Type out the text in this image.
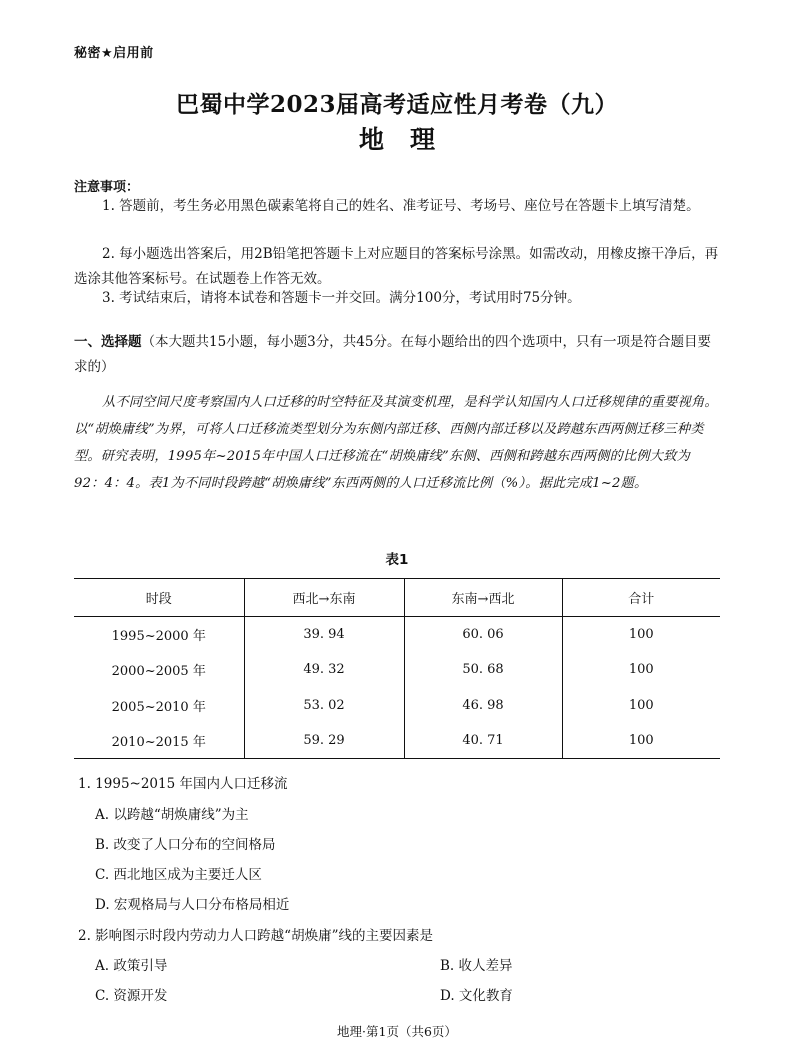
秘密★启用前
巴蜀中学2023届高考适应性月考卷（九）
地理
注意事项：
1. 答题前，考生务必用黑色碳素笔将自己的姓名、准考证号、考场号、座位号在答题卡上填写清楚。
2. 每小题选出答案后，用2B铅笔把答题卡上对应题目的答案标号涂黑。如需改动，用橡皮擦干净后，再选涂其他答案标号。在试题卷上作答无效。
3. 考试结束后，请将本试卷和答题卡一并交回。满分100分，考试用时75分钟。
一、选择题（本大题共15小题，每小题3分，共45分。在每小题给出的四个选项中，只有一项是符合题目要求的）
从不同空间尺度考察国内人口迁移的时空特征及其演变机理，是科学认知国内人口迁移规律的重要视角。以“胡焕庸线”为界，可将人口迁移流类型划分为东侧内部迁移、西侧内部迁移以及跨越东西两侧迁移三种类型。研究表明，1995年~2015年中国人口迁移流在“胡焕庸线”东侧、西侧和跨越东西两侧的比例大致为92：4：4。表1为不同时段跨越“胡焕庸线”东西两侧的人口迁移流比例（%）。据此完成1~2题。
表1
时段	西北→东南	东南→西北	合计
1995~2000 年	39. 94	60. 06	100
2000~2005 年	49. 32	50. 68	100
2005~2010 年	53. 02	46. 98	100
2010~2015 年	59. 29	40. 71	100
1. 1995~2015 年国内人口迁移流
A. 以跨越“胡焕庸线”为主
B. 改变了人口分布的空间格局
C. 西北地区成为主要迁人区
D. 宏观格局与人口分布格局相近
2. 影响图示时段内劳动力人口跨越“胡焕庸”线的主要因素是
A. 政策引导	B. 收人差异
C. 资源开发	D. 文化教育
地理·第1页（共6页）
